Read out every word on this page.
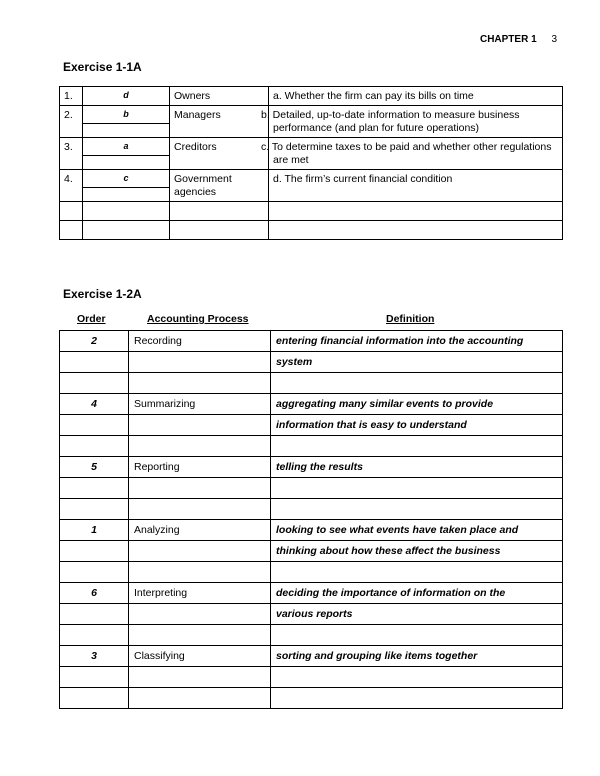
CHAPTER 1 3
Exercise 1-1A
1.	d	Owners	a. Whether the firm can pay its bills on time
2.	b	Managers	b. Detailed, up-to-date information to measure business performance (and plan for future operations)
3.	a	Creditors	c. To determine taxes to be paid and whether other regulations are met
4.	c	Government agencies	d. The firm’s current financial condition

Exercise 1-2A
Order	Accounting Process	Definition
2	Recording	entering financial information into the accounting
		system

4	Summarizing	aggregating many similar events to provide
		information that is easy to understand

5	Reporting	telling the results

1	Analyzing	looking to see what events have taken place and
		thinking about how these affect the business

6	Interpreting	deciding the importance of information on the
		various reports

3	Classifying	sorting and grouping like items together
